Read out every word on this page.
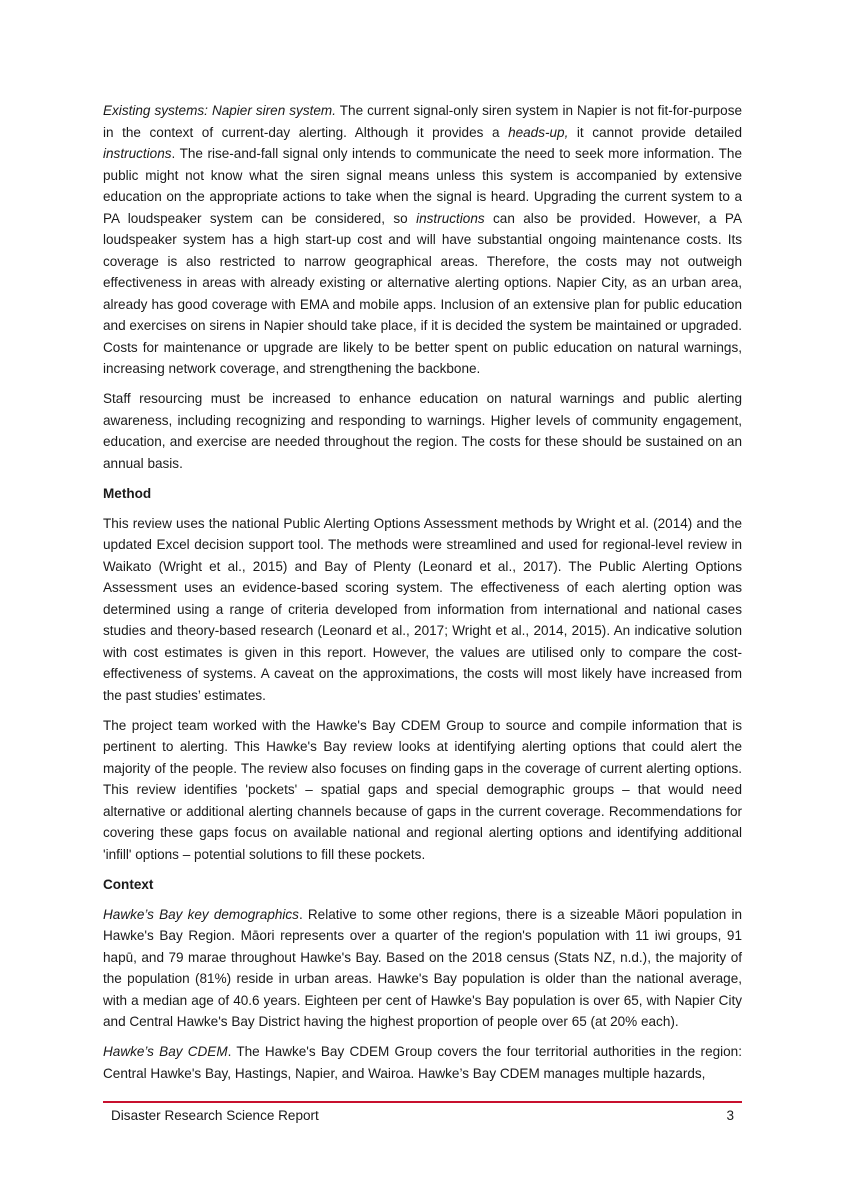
Existing systems: Napier siren system. The current signal-only siren system in Napier is not fit-for-purpose in the context of current-day alerting. Although it provides a heads-up, it cannot provide detailed instructions. The rise-and-fall signal only intends to communicate the need to seek more information. The public might not know what the siren signal means unless this system is accompanied by extensive education on the appropriate actions to take when the signal is heard. Upgrading the current system to a PA loudspeaker system can be considered, so instructions can also be provided. However, a PA loudspeaker system has a high start-up cost and will have substantial ongoing maintenance costs. Its coverage is also restricted to narrow geographical areas. Therefore, the costs may not outweigh effectiveness in areas with already existing or alternative alerting options. Napier City, as an urban area, already has good coverage with EMA and mobile apps. Inclusion of an extensive plan for public education and exercises on sirens in Napier should take place, if it is decided the system be maintained or upgraded. Costs for maintenance or upgrade are likely to be better spent on public education on natural warnings, increasing network coverage, and strengthening the backbone.

Staff resourcing must be increased to enhance education on natural warnings and public alerting awareness, including recognizing and responding to warnings. Higher levels of community engagement, education, and exercise are needed throughout the region. The costs for these should be sustained on an annual basis.

Method

This review uses the national Public Alerting Options Assessment methods by Wright et al. (2014) and the updated Excel decision support tool. The methods were streamlined and used for regional-level review in Waikato (Wright et al., 2015) and Bay of Plenty (Leonard et al., 2017). The Public Alerting Options Assessment uses an evidence-based scoring system. The effectiveness of each alerting option was determined using a range of criteria developed from information from international and national cases studies and theory-based research (Leonard et al., 2017; Wright et al., 2014, 2015). An indicative solution with cost estimates is given in this report. However, the values are utilised only to compare the cost-effectiveness of systems. A caveat on the approximations, the costs will most likely have increased from the past studies’ estimates.

The project team worked with the Hawke's Bay CDEM Group to source and compile information that is pertinent to alerting. This Hawke's Bay review looks at identifying alerting options that could alert the majority of the people. The review also focuses on finding gaps in the coverage of current alerting options. This review identifies 'pockets' – spatial gaps and special demographic groups – that would need alternative or additional alerting channels because of gaps in the current coverage. Recommendations for covering these gaps focus on available national and regional alerting options and identifying additional 'infill' options – potential solutions to fill these pockets.

Context

Hawke’s Bay key demographics. Relative to some other regions, there is a sizeable Māori population in Hawke's Bay Region. Māori represents over a quarter of the region's population with 11 iwi groups, 91 hapū, and 79 marae throughout Hawke's Bay. Based on the 2018 census (Stats NZ, n.d.), the majority of the population (81%) reside in urban areas. Hawke's Bay population is older than the national average, with a median age of 40.6 years. Eighteen per cent of Hawke's Bay population is over 65, with Napier City and Central Hawke's Bay District having the highest proportion of people over 65 (at 20% each).

Hawke’s Bay CDEM. The Hawke's Bay CDEM Group covers the four territorial authorities in the region: Central Hawke's Bay, Hastings, Napier, and Wairoa. Hawke’s Bay CDEM manages multiple hazards,

Disaster Research Science Report	3
